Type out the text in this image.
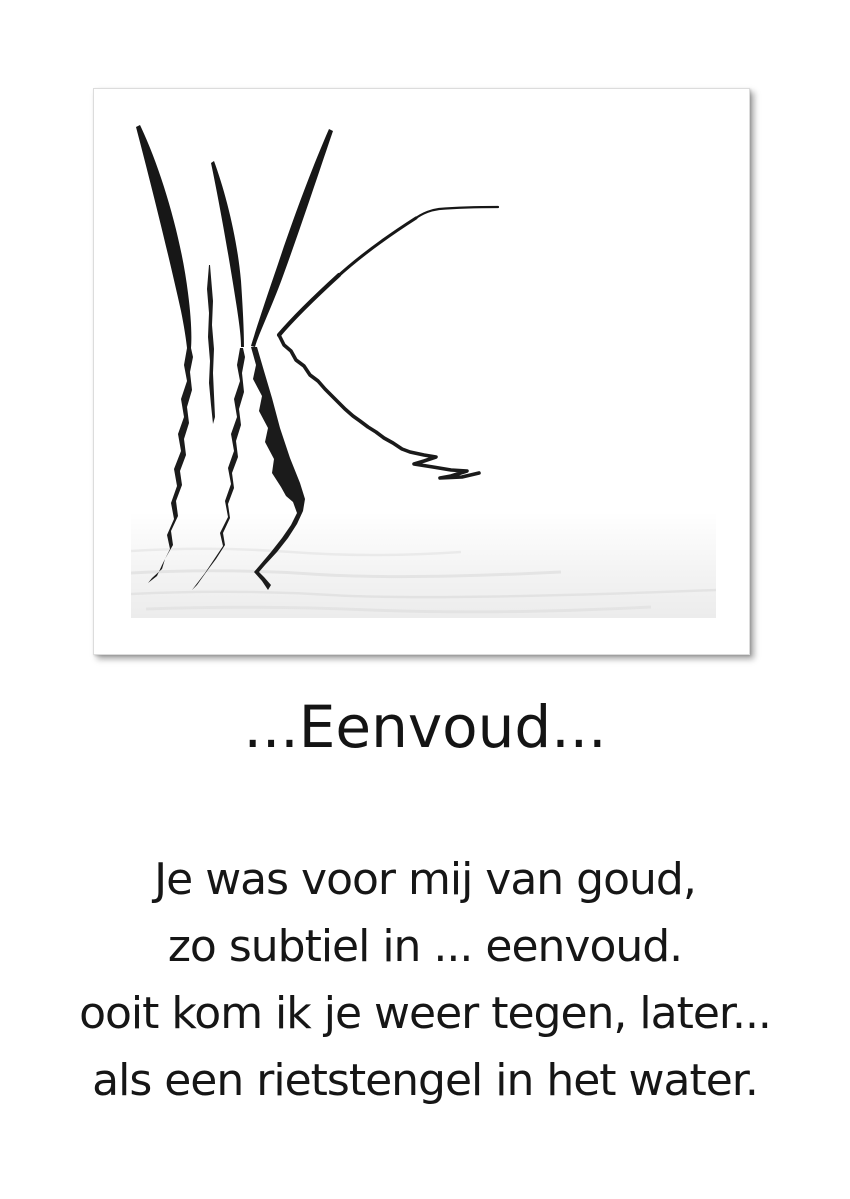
...Eenvoud...
Je was voor mij van goud,
zo subtiel in ... eenvoud.
ooit kom ik je weer tegen, later...
als een rietstengel in het water.
